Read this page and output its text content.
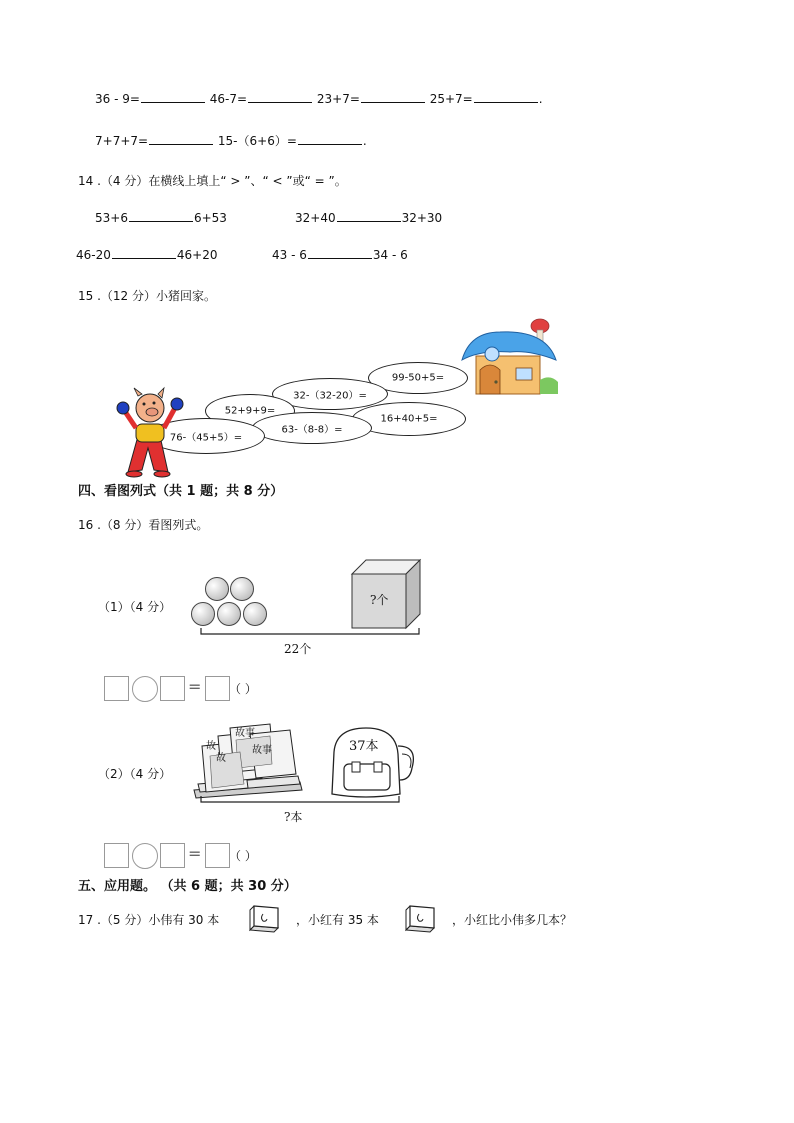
36 - 9=	46-7=	23+7=	25+7=	.
7+7+7=	15-（6+6）=	.
14 .（4 分）在横线上填上“ > ”、“ < ”或“ = ”。
53+6	6+53	32+40	32+30
46-20	46+20	43 - 6	34 - 6
15 .（12 分）小猪回家。
99-50+5=
32-（32-20）=
52+9+9=
16+40+5=
63-（8-8）=
76-（45+5）=
四、看图列式（共 1 题；共 8 分）
16 .（8 分）看图列式。
（1）（4 分）	?个
22个
= （ ）
（2）（4 分）
故事
故事
故
故
37本
?本
= （ ）
五、应用题。 （共 6 题；共 30 分）
17 .（5 分）小伟有 30 本	，小红有 35 本	，小红比小伟多几本？
